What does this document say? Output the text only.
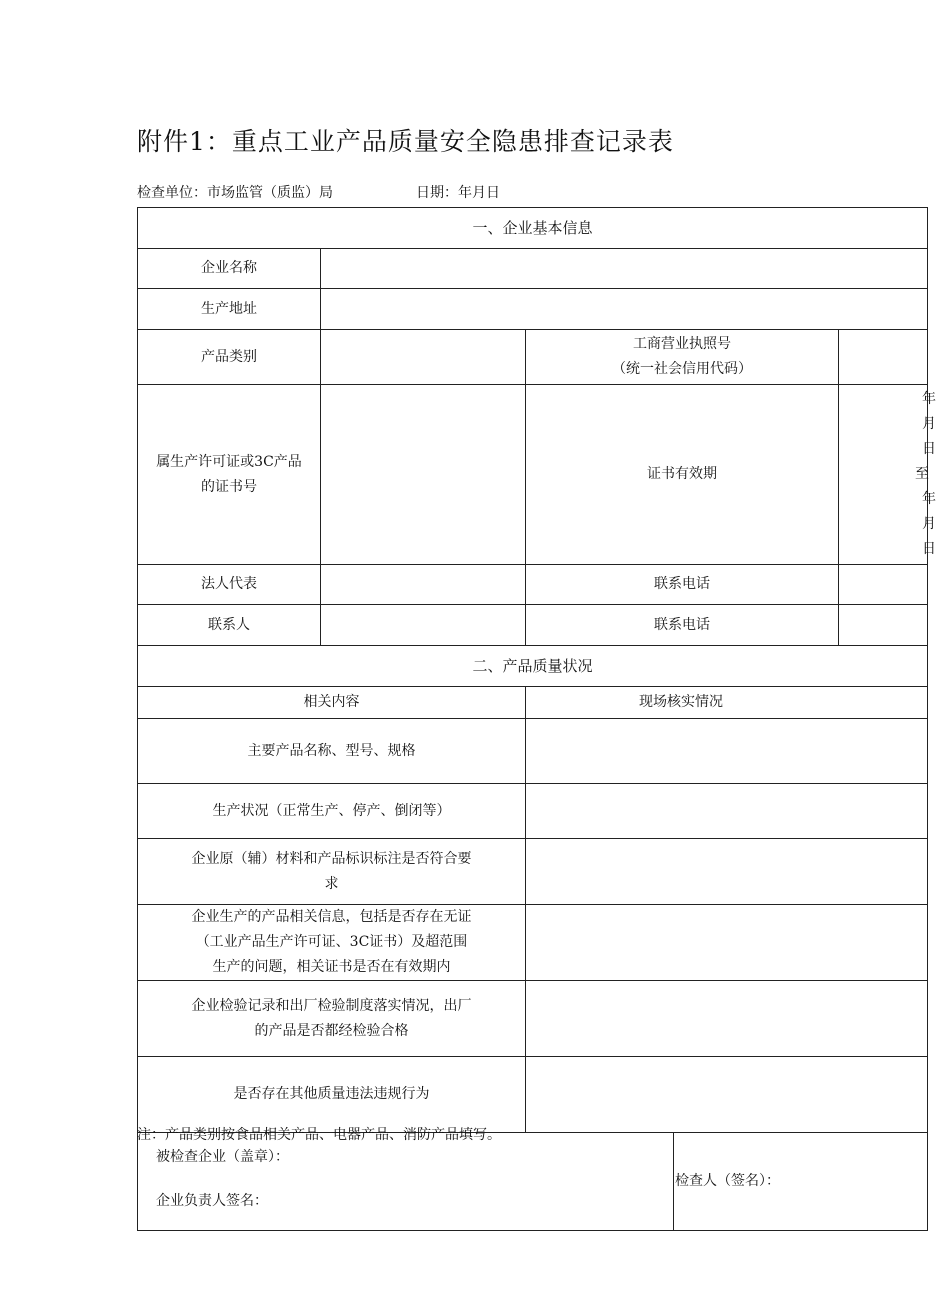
附件1：重点工业产品质量安全隐患排查记录表
检查单位：市场监管（质监）局	日期：年月日
一、企业基本信息				
企业名称				
生产地址				
产品类别		工商营业执照号
（统一社会信用代码）		
属生产许可证或3C产品
的证书号		证书有效期		年月日
至年月日
法人代表		联系电话		
联系人		联系电话		
二、产品质量状况				
相关内容		现场核实情况		
主要产品名称、型号、规格				
生产状况（正常生产、停产、倒闭等）				
企业原（辅）材料和产品标识标注是否符合要
求				
企业生产的产品相关信息，包括是否存在无证
（工业产品生产许可证、3C证书）及超范围
生产的问题，相关证书是否在有效期内				
企业检验记录和出厂检验制度落实情况，出厂
的产品是否都经检验合格				
是否存在其他质量违法违规行为				

被检查企业（盖章）：
企业负责人签名：			检查人（签名）：	
注：产品类别按食品相关产品、电器产品、消防产品填写。
